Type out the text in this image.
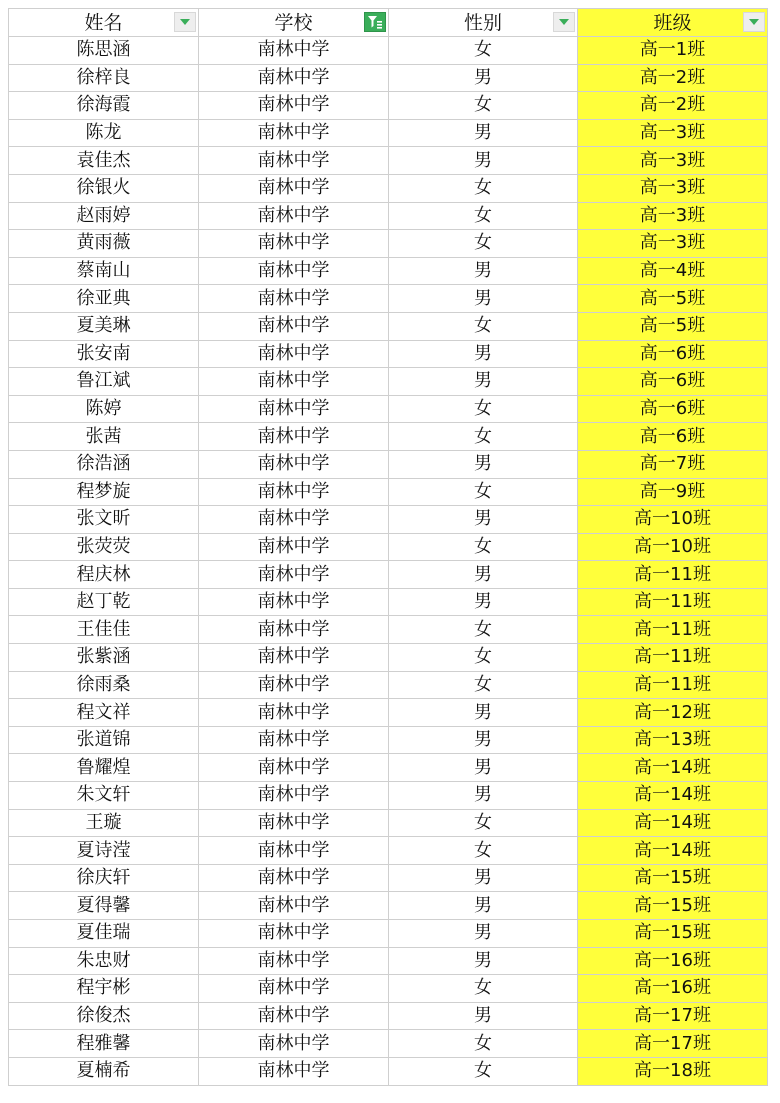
姓名	学校	性别	班级

陈思涵	南林中学	女	高一1班
徐梓良	南林中学	男	高一2班
徐海霞	南林中学	女	高一2班
陈龙	南林中学	男	高一3班
袁佳杰	南林中学	男	高一3班
徐银火	南林中学	女	高一3班
赵雨婷	南林中学	女	高一3班
黄雨薇	南林中学	女	高一3班
蔡南山	南林中学	男	高一4班
徐亚典	南林中学	男	高一5班
夏美琳	南林中学	女	高一5班
张安南	南林中学	男	高一6班
鲁江斌	南林中学	男	高一6班
陈婷	南林中学	女	高一6班
张茜	南林中学	女	高一6班
徐浩涵	南林中学	男	高一7班
程梦旋	南林中学	女	高一9班
张文昕	南林中学	男	高一10班
张荧荧	南林中学	女	高一10班
程庆林	南林中学	男	高一11班
赵丁乾	南林中学	男	高一11班
王佳佳	南林中学	女	高一11班
张紫涵	南林中学	女	高一11班
徐雨桑	南林中学	女	高一11班
程文祥	南林中学	男	高一12班
张道锦	南林中学	男	高一13班
鲁耀煌	南林中学	男	高一14班
朱文轩	南林中学	男	高一14班
王璇	南林中学	女	高一14班
夏诗滢	南林中学	女	高一14班
徐庆轩	南林中学	男	高一15班
夏得馨	南林中学	男	高一15班
夏佳瑞	南林中学	男	高一15班
朱忠财	南林中学	男	高一16班
程宇彬	南林中学	女	高一16班
徐俊杰	南林中学	男	高一17班
程雅馨	南林中学	女	高一17班
夏楠希	南林中学	女	高一18班
